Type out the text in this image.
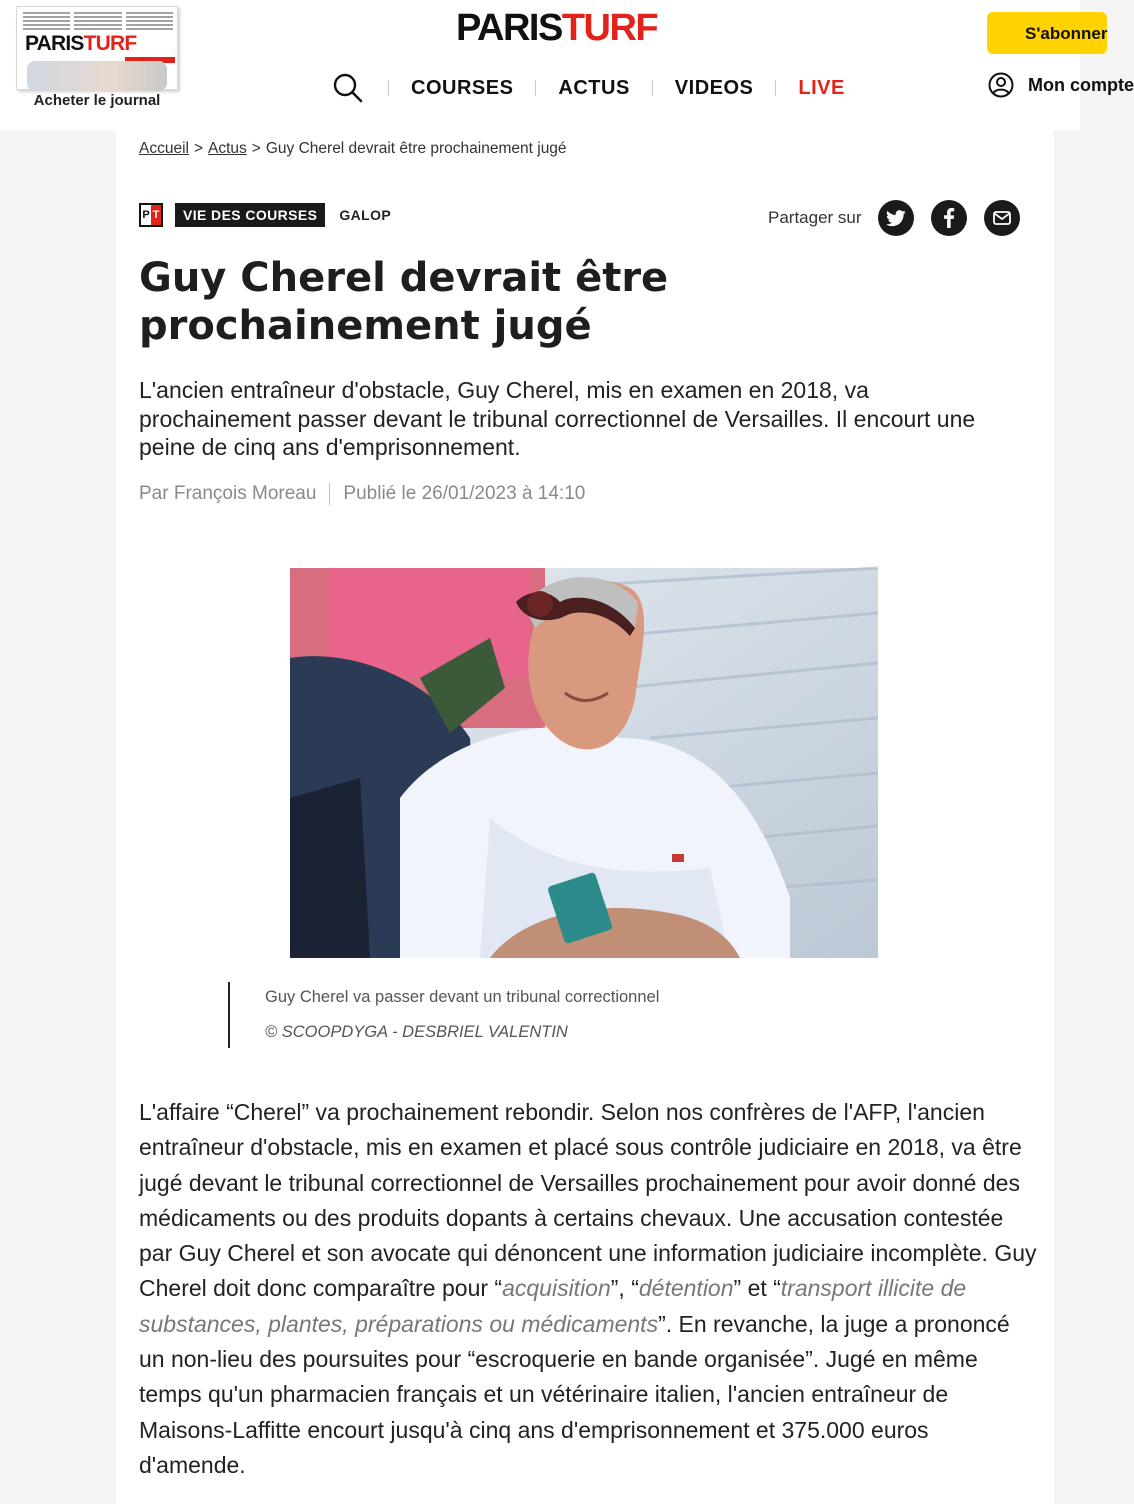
PARISTURF
Acheter le journal
PARISTURF
COURSES ACTUS VIDEOS LIVE
S'abonner
Mon compte
Accueil > Actus > Guy Cherel devrait être prochainement jugé
P T	VIE DES COURSES	GALOP	Partager sur
Guy Cherel devrait être prochainement jugé

L'ancien entraîneur d'obstacle, Guy Cherel, mis en examen en 2018, va prochainement passer devant le tribunal correctionnel de Versailles. Il encourt une peine de cinq ans d'emprisonnement.

Par
François Moreau Publié le 26/01/2023 à 14:10
Guy Cherel va passer devant un tribunal correctionnel
© SCOOPDYGA - DESBRIEL VALENTIN

L'affaire “Cherel” va prochainement rebondir. Selon nos confrères de l'AFP, l'ancien entraîneur d'obstacle, mis en examen et placé sous contrôle judiciaire en 2018, va être jugé devant le tribunal correctionnel de Versailles prochainement pour avoir donné des médicaments ou des produits dopants à certains chevaux. Une accusation contestée par Guy Cherel et son avocate qui dénoncent une information judiciaire incomplète. Guy Cherel doit donc comparaître pour “acquisition”, “détention” et “transport illicite de substances, plantes, préparations ou médicaments”. En revanche, la juge a prononcé un non-lieu des poursuites pour “escroquerie en bande organisée”. Jugé en même temps qu'un pharmacien français et un vétérinaire italien, l'ancien entraîneur de Maisons-Laffitte encourt jusqu'à cinq ans d'emprisonnement et 375.000 euros d'amende.
